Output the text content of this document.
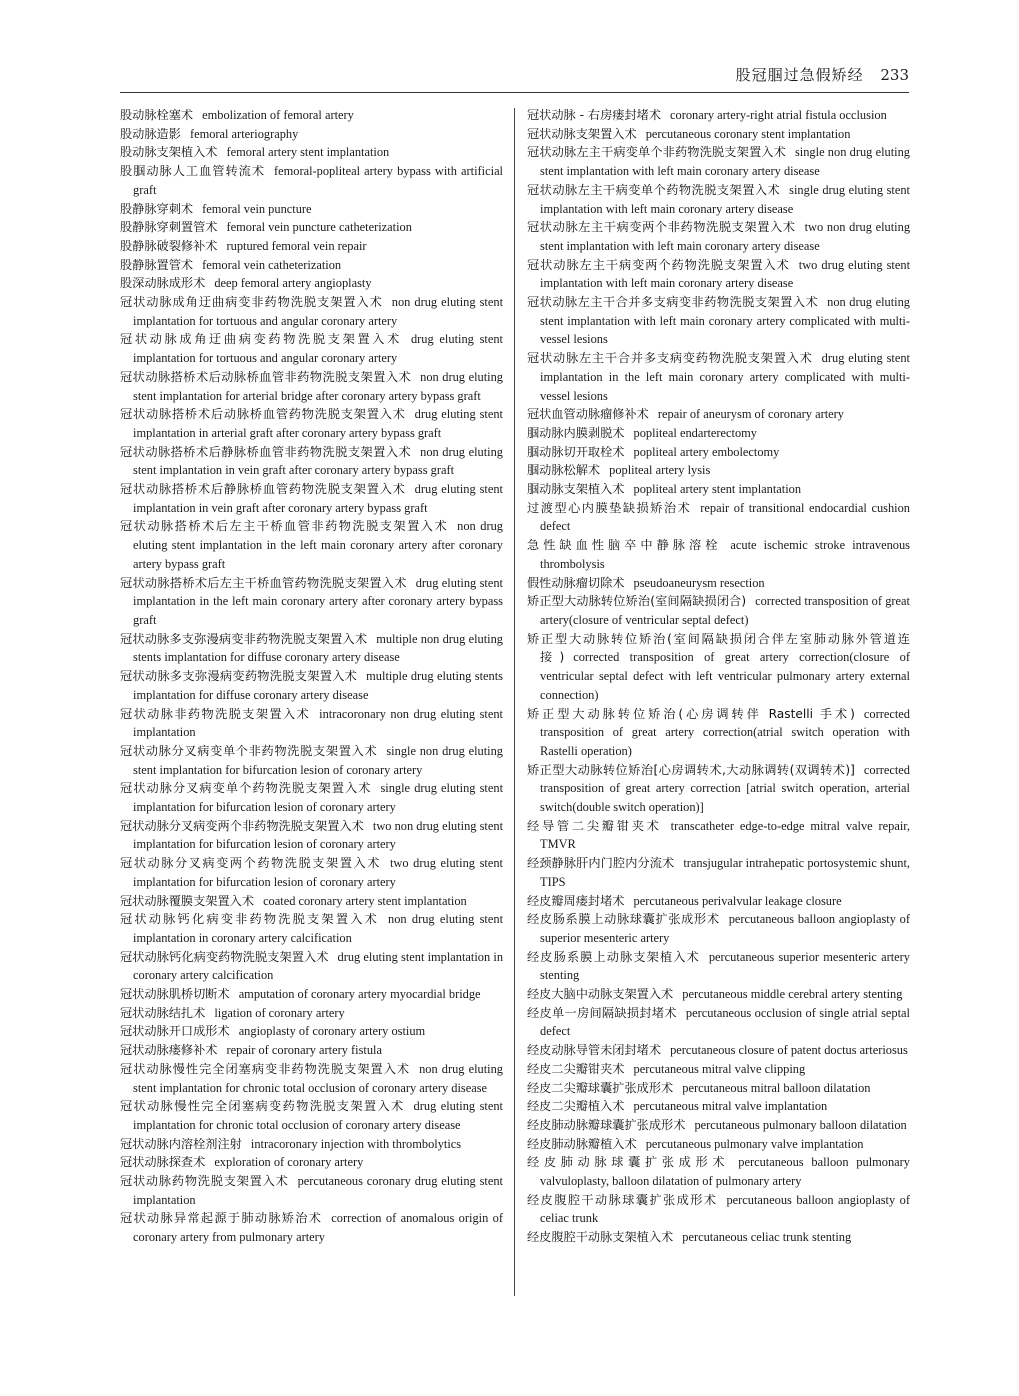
股冠腘过急假矫经 233
股动脉栓塞术 embolization of femoral artery
股动脉造影 femoral arteriography
股动脉支架植入术 femoral artery stent implantation
股腘动脉人工血管转流术 femoral-popliteal artery bypass with artificial graft
股静脉穿刺术 femoral vein puncture
股静脉穿刺置管术 femoral vein puncture catheterization
股静脉破裂修补术 ruptured femoral vein repair
股静脉置管术 femoral vein catheterization
股深动脉成形术 deep femoral artery angioplasty
冠状动脉成角迂曲病变非药物洗脱支架置入术 non drug eluting stent implantation for tortuous and angular coronary artery
冠状动脉成角迂曲病变药物洗脱支架置入术 drug eluting stent implantation for tortuous and angular coronary artery
冠状动脉搭桥术后动脉桥血管非药物洗脱支架置入术 non drug eluting stent implantation for arterial bridge after coronary artery bypass graft
冠状动脉搭桥术后动脉桥血管药物洗脱支架置入术 drug eluting stent implantation in arterial graft after coronary artery bypass graft
冠状动脉搭桥术后静脉桥血管非药物洗脱支架置入术 non drug eluting stent implantation in vein graft after coronary artery bypass graft
冠状动脉搭桥术后静脉桥血管药物洗脱支架置入术 drug eluting stent implantation in vein graft after coronary artery bypass graft
冠状动脉搭桥术后左主干桥血管非药物洗脱支架置入术 non drug eluting stent implantation in the left main coronary artery after coronary artery bypass graft
冠状动脉搭桥术后左主干桥血管药物洗脱支架置入术 drug eluting stent implantation in the left main coronary artery after coronary artery bypass graft
冠状动脉多支弥漫病变非药物洗脱支架置入术 multiple non drug eluting stents implantation for diffuse coronary artery disease
冠状动脉多支弥漫病变药物洗脱支架置入术 multiple drug eluting stents implantation for diffuse coronary artery disease
冠状动脉非药物洗脱支架置入术 intracoronary non drug eluting stent implantation
冠状动脉分叉病变单个非药物洗脱支架置入术 single non drug eluting stent implantation for bifurcation lesion of coronary artery
冠状动脉分叉病变单个药物洗脱支架置入术 single drug eluting stent implantation for bifurcation lesion of coronary artery
冠状动脉分叉病变两个非药物洗脱支架置入术 two non drug eluting stent implantation for bifurcation lesion of coronary artery
冠状动脉分叉病变两个药物洗脱支架置入术 two drug eluting stent implantation for bifurcation lesion of coronary artery
冠状动脉覆膜支架置入术 coated coronary artery stent implantation
冠状动脉钙化病变非药物洗脱支架置入术 non drug eluting stent implantation in coronary artery calcification
冠状动脉钙化病变药物洗脱支架置入术 drug eluting stent implantation in coronary artery calcification
冠状动脉肌桥切断术 amputation of coronary artery myocardial bridge
冠状动脉结扎术 ligation of coronary artery
冠状动脉开口成形术 angioplasty of coronary artery ostium
冠状动脉瘘修补术 repair of coronary artery fistula
冠状动脉慢性完全闭塞病变非药物洗脱支架置入术 non drug eluting stent implantation for chronic total occlusion of coronary artery disease
冠状动脉慢性完全闭塞病变药物洗脱支架置入术 drug eluting stent implantation for chronic total occlusion of coronary artery disease
冠状动脉内溶栓剂注射 intracoronary injection with thrombolytics
冠状动脉探查术 exploration of coronary artery
冠状动脉药物洗脱支架置入术 percutaneous coronary drug eluting stent implantation
冠状动脉异常起源于肺动脉矫治术 correction of anomalous origin of coronary artery from pulmonary artery
冠状动脉 - 右房瘘封堵术 coronary artery-right atrial fistula occlusion
冠状动脉支架置入术 percutaneous coronary stent implantation
冠状动脉左主干病变单个非药物洗脱支架置入术 single non drug eluting stent implantation with left main coronary artery disease
冠状动脉左主干病变单个药物洗脱支架置入术 single drug eluting stent implantation with left main coronary artery disease
冠状动脉左主干病变两个非药物洗脱支架置入术 two non drug eluting stent implantation with left main coronary artery disease
冠状动脉左主干病变两个药物洗脱支架置入术 two drug eluting stent implantation with left main coronary artery disease
冠状动脉左主干合并多支病变非药物洗脱支架置入术 non drug eluting stent implantation with left main coronary artery complicated with multi-vessel lesions
冠状动脉左主干合并多支病变药物洗脱支架置入术 drug eluting stent implantation in the left main coronary artery complicated with multi-vessel lesions
冠状血管动脉瘤修补术 repair of aneurysm of coronary artery
腘动脉内膜剥脱术 popliteal endarterectomy
腘动脉切开取栓术 popliteal artery embolectomy
腘动脉松解术 popliteal artery lysis
腘动脉支架植入术 popliteal artery stent implantation
过渡型心内膜垫缺损矫治术 repair of transitional endocardial cushion defect
急性缺血性脑卒中静脉溶栓 acute ischemic stroke intravenous thrombolysis
假性动脉瘤切除术 pseudoaneurysm resection
矫正型大动脉转位矫治(室间隔缺损闭合) corrected transposition of great artery(closure of ventricular septal defect)
矫正型大动脉转位矫治(室间隔缺损闭合伴左室肺动脉外管道连接) corrected transposition of great artery correction(closure of ventricular septal defect with left ventricular pulmonary artery external connection)
矫正型大动脉转位矫治(心房调转伴 Rastelli 手术) corrected transposition of great artery correction(atrial switch operation with Rastelli operation)
矫正型大动脉转位矫治[心房调转术,大动脉调转(双调转术)] corrected transposition of great artery correction [atrial switch operation, arterial switch(double switch operation)]
经导管二尖瓣钳夹术 transcatheter edge-to-edge mitral valve repair, TMVR
经颈静脉肝内门腔内分流术 transjugular intrahepatic portosystemic shunt, TIPS
经皮瓣周瘘封堵术 percutaneous perivalvular leakage closure
经皮肠系膜上动脉球囊扩张成形术 percutaneous balloon angioplasty of superior mesenteric artery
经皮肠系膜上动脉支架植入术 percutaneous superior mesenteric artery stenting
经皮大脑中动脉支架置入术 percutaneous middle cerebral artery stenting
经皮单一房间隔缺损封堵术 percutaneous occlusion of single atrial septal defect
经皮动脉导管未闭封堵术 percutaneous closure of patent doctus arteriosus
经皮二尖瓣钳夹术 percutaneous mitral valve clipping
经皮二尖瓣球囊扩张成形术 percutaneous mitral balloon dilatation
经皮二尖瓣植入术 percutaneous mitral valve implantation
经皮肺动脉瓣球囊扩张成形术 percutaneous pulmonary balloon dilatation
经皮肺动脉瓣植入术 percutaneous pulmonary valve implantation
经皮肺动脉球囊扩张成形术 percutaneous balloon pulmonary valvuloplasty, balloon dilatation of pulmonary artery
经皮腹腔干动脉球囊扩张成形术 percutaneous balloon angioplasty of celiac trunk
经皮腹腔干动脉支架植入术 percutaneous celiac trunk stenting
